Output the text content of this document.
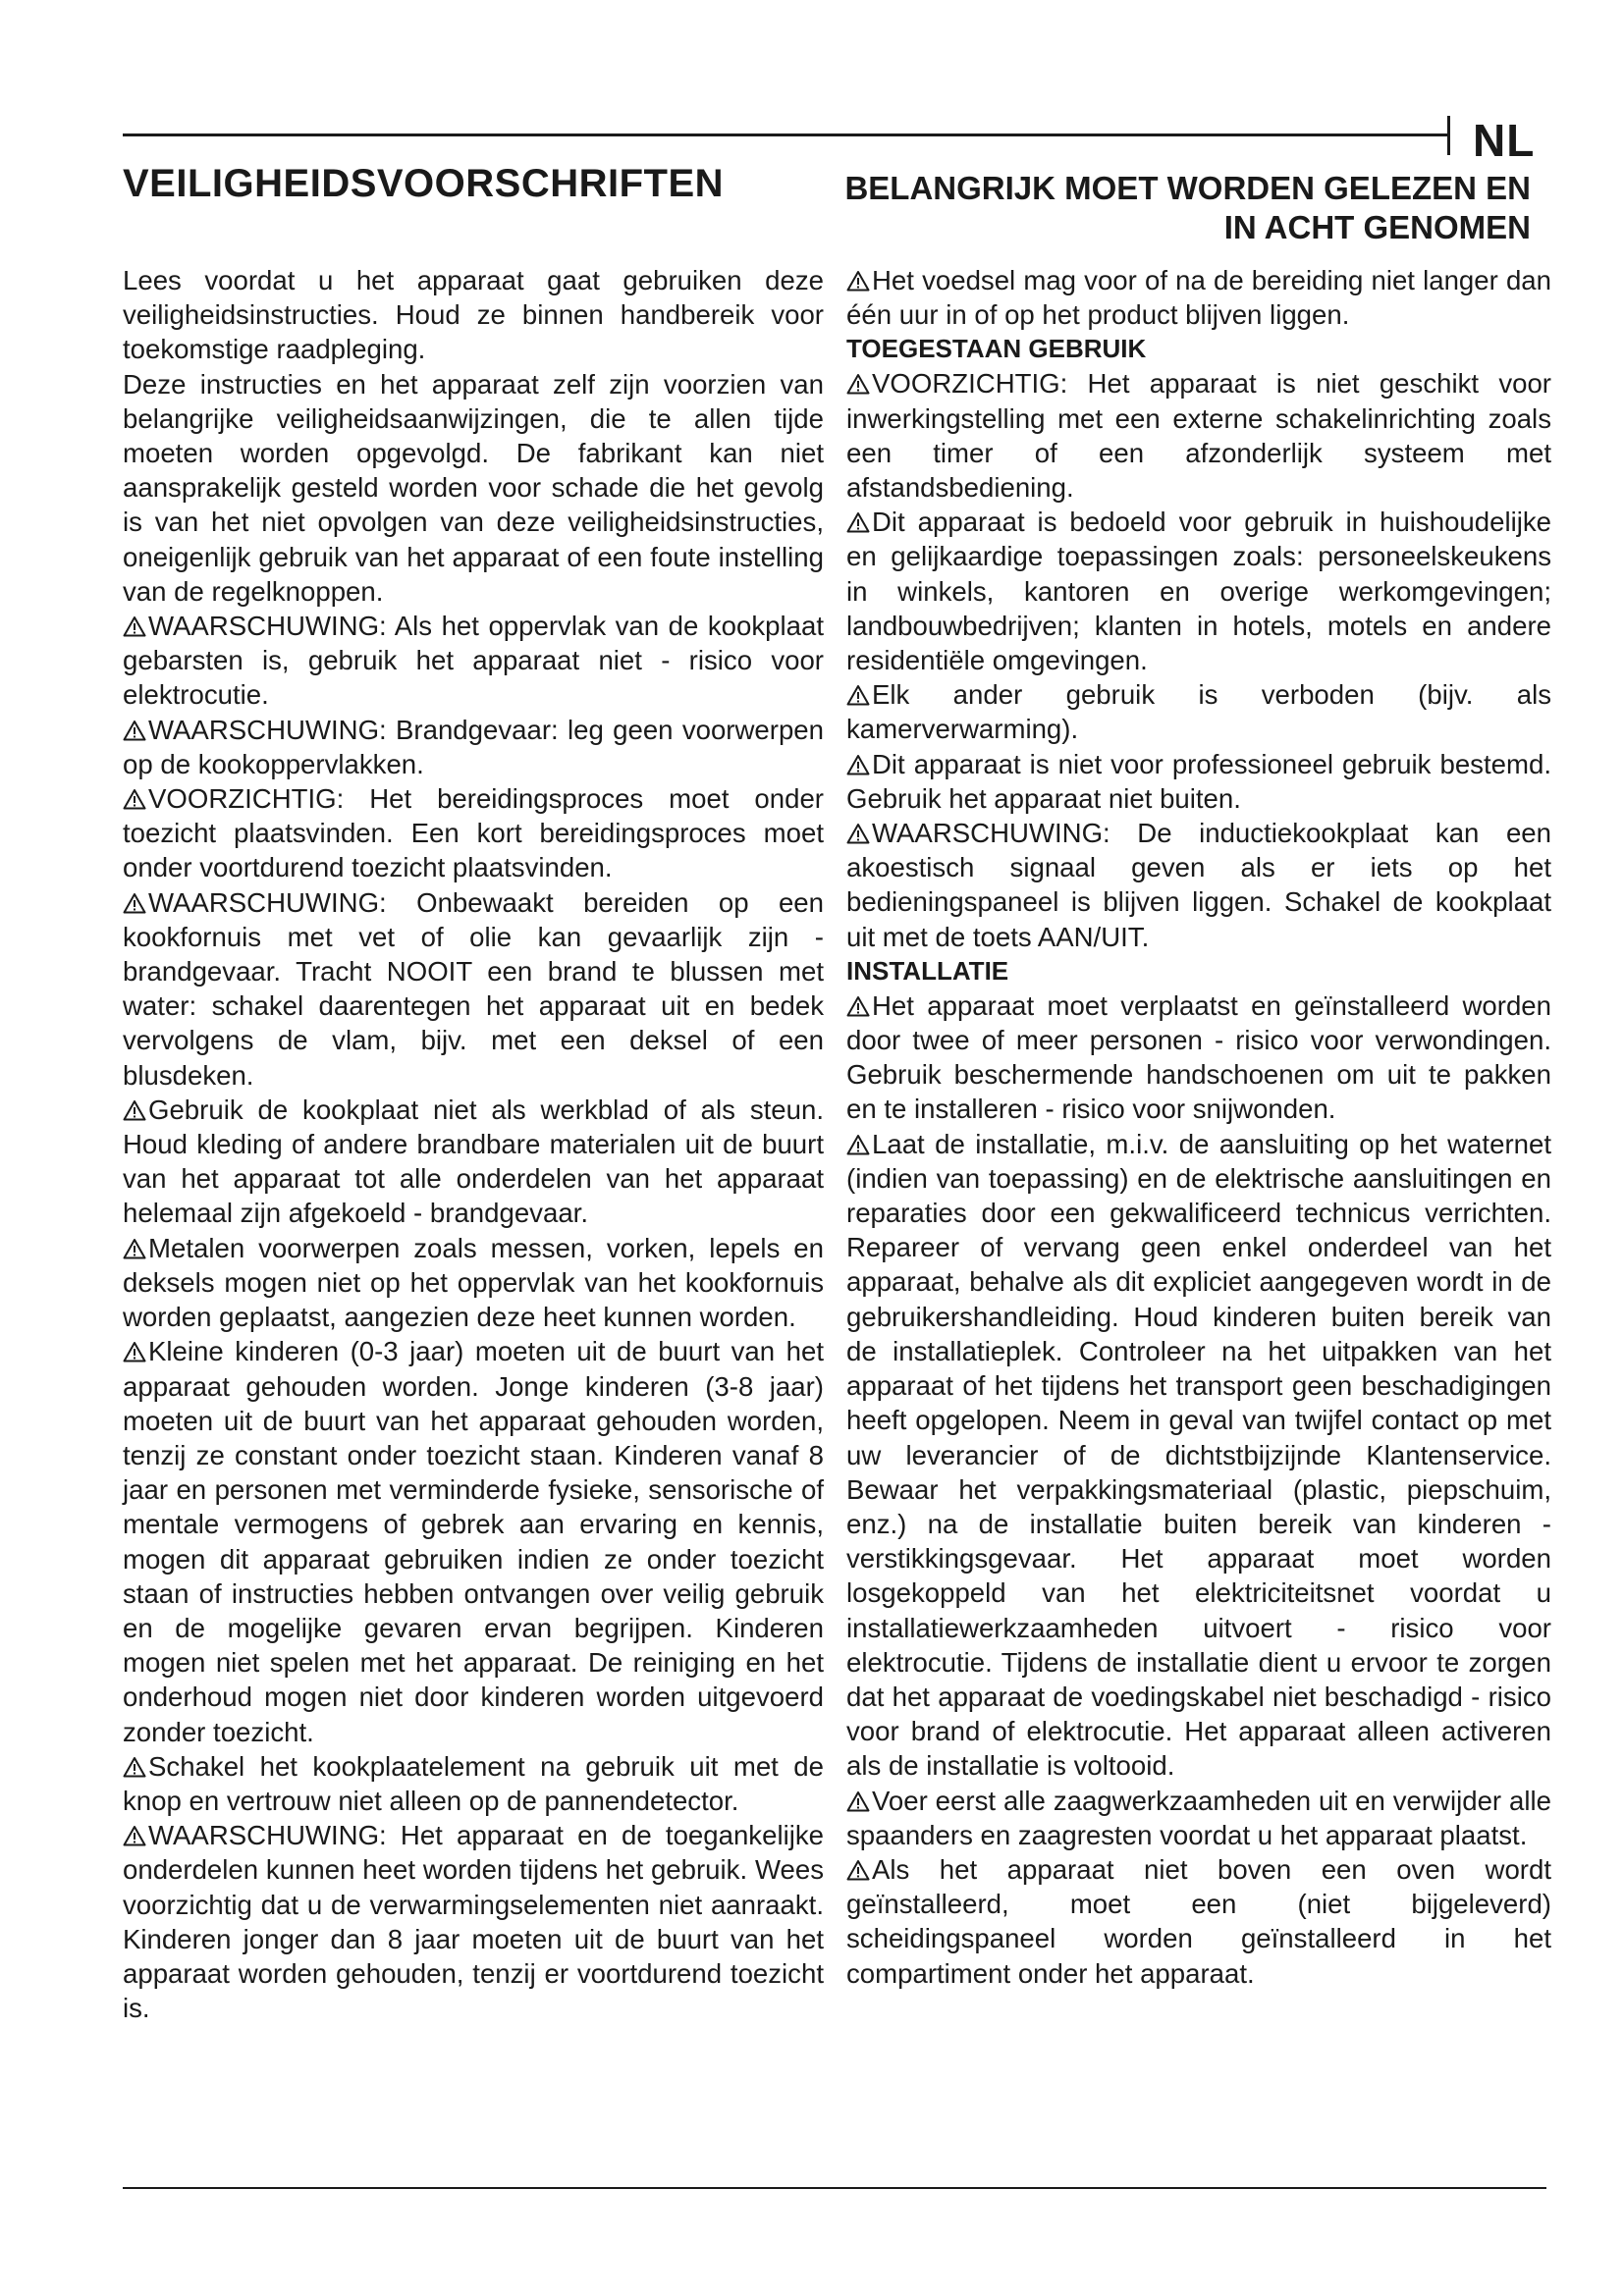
NL
VEILIGHEIDSVOORSCHRIFTEN	BELANGRIJK MOET WORDEN GELEZEN EN
IN ACHT GENOMEN

Lees voordat u het apparaat gaat gebruiken deze veiligheidsinstructies. Houd ze binnen handbereik voor toekomstige raadpleging.

Deze instructies en het apparaat zelf zijn voorzien van belangrijke veiligheidsaanwijzingen, die te allen tijde moeten worden opgevolgd. De fabrikant kan niet aansprakelijk gesteld worden voor schade die het gevolg is van het niet opvolgen van deze veiligheidsinstructies, oneigenlijk gebruik van het apparaat of een foute instelling van de regelknoppen.

WAARSCHUWING: Als het oppervlak van de kookplaat gebarsten is, gebruik het apparaat niet - risico voor elektrocutie.

WAARSCHUWING: Brandgevaar: leg geen voorwerpen op de kookoppervlakken.

VOORZICHTIG: Het bereidingsproces moet onder toezicht plaatsvinden. Een kort bereidingsproces moet onder voortdurend toezicht plaatsvinden.

WAARSCHUWING: Onbewaakt bereiden op een kookfornuis met vet of olie kan gevaarlijk zijn - brandgevaar. Tracht NOOIT een brand te blussen met water: schakel daarentegen het apparaat uit en bedek vervolgens de vlam, bijv. met een deksel of een blusdeken.

Gebruik de kookplaat niet als werkblad of als steun. Houd kleding of andere brandbare materialen uit de buurt van het apparaat tot alle onderdelen van het apparaat helemaal zijn afgekoeld - brandgevaar.

Metalen voorwerpen zoals messen, vorken, lepels en deksels mogen niet op het oppervlak van het kookfornuis worden geplaatst, aangezien deze heet kunnen worden.

Kleine kinderen (0-3 jaar) moeten uit de buurt van het apparaat gehouden worden. Jonge kinderen (3-8 jaar) moeten uit de buurt van het apparaat gehouden worden, tenzij ze constant onder toezicht staan. Kinderen vanaf 8 jaar en personen met verminderde fysieke, sensorische of mentale vermogens of gebrek aan ervaring en kennis, mogen dit apparaat gebruiken indien ze onder toezicht staan of instructies hebben ontvangen over veilig gebruik en de mogelijke gevaren ervan begrijpen. Kinderen mogen niet spelen met het apparaat. De reiniging en het onderhoud mogen niet door kinderen worden uitgevoerd zonder toezicht.

Schakel het kookplaatelement na gebruik uit met de knop en vertrouw niet alleen op de pannendetector.

WAARSCHUWING: Het apparaat en de toegankelijke onderdelen kunnen heet worden tijdens het gebruik. Wees voorzichtig dat u de verwarmingselementen niet aanraakt. Kinderen jonger dan 8 jaar moeten uit de buurt van het apparaat worden gehouden, tenzij er voortdurend toezicht is.

Het voedsel mag voor of na de bereiding niet langer dan één uur in of op het product blijven liggen.

TOEGESTAAN GEBRUIK

VOORZICHTIG: Het apparaat is niet geschikt voor inwerkingstelling met een externe schakelinrichting zoals een timer of een afzonderlijk systeem met afstandsbediening.

Dit apparaat is bedoeld voor gebruik in huishoudelijke en gelijkaardige toepassingen zoals: personeelskeukens in winkels, kantoren en overige werkomgevingen; landbouwbedrijven; klanten in hotels, motels en andere residentiële omgevingen.

Elk ander gebruik is verboden (bijv. als kamerverwarming).

Dit apparaat is niet voor professioneel gebruik bestemd. Gebruik het apparaat niet buiten.

WAARSCHUWING: De inductiekookplaat kan een akoestisch signaal geven als er iets op het bedieningspaneel is blijven liggen. Schakel de kookplaat uit met de toets AAN/UIT.

INSTALLATIE

Het apparaat moet verplaatst en geïnstalleerd worden door twee of meer personen - risico voor verwondingen. Gebruik beschermende handschoenen om uit te pakken en te installeren - risico voor snijwonden.

Laat de installatie, m.i.v. de aansluiting op het waternet (indien van toepassing) en de elektrische aansluitingen en reparaties door een gekwalificeerd technicus verrichten. Repareer of vervang geen enkel onderdeel van het apparaat, behalve als dit expliciet aangegeven wordt in de gebruikershandleiding. Houd kinderen buiten bereik van de installatieplek. Controleer na het uitpakken van het apparaat of het tijdens het transport geen beschadigingen heeft opgelopen. Neem in geval van twijfel contact op met uw leverancier of de dichtstbijzijnde Klantenservice. Bewaar het verpakkingsmateriaal (plastic, piepschuim, enz.) na de installatie buiten bereik van kinderen - verstikkingsgevaar. Het apparaat moet worden losgekoppeld van het elektriciteitsnet voordat u installatiewerkzaamheden uitvoert - risico voor elektrocutie. Tijdens de installatie dient u ervoor te zorgen dat het apparaat de voedingskabel niet beschadigd - risico voor brand of elektrocutie. Het apparaat alleen activeren als de installatie is voltooid.

Voer eerst alle zaagwerkzaamheden uit en verwijder alle spaanders en zaagresten voordat u het apparaat plaatst.

Als het apparaat niet boven een oven wordt geïnstalleerd, moet een (niet bijgeleverd) scheidingspaneel worden geïnstalleerd in het compartiment onder het apparaat.
